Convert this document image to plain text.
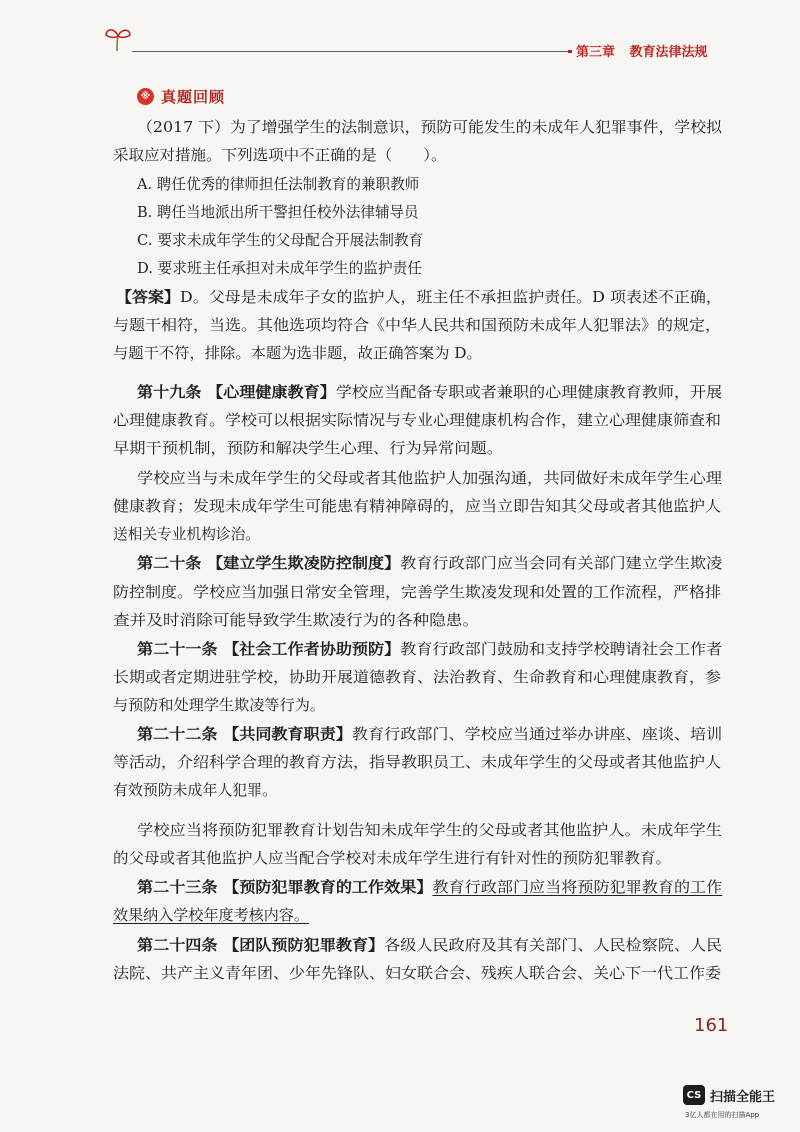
第三章 教育法律法规
※ 真题回顾
（2017 下）为了增强学生的法制意识，预防可能发生的未成年人犯罪事件，学校拟
采取应对措施。下列选项中不正确的是（　　）。
A. 聘任优秀的律师担任法制教育的兼职教师
B. 聘任当地派出所干警担任校外法律辅导员
C. 要求未成年学生的父母配合开展法制教育
D. 要求班主任承担对未成年学生的监护责任
【答案】D。父母是未成年子女的监护人，班主任不承担监护责任。D 项表述不正确，
与题干相符，当选。其他选项均符合《中华人民共和国预防未成年人犯罪法》的规定，
与题干不符，排除。本题为选非题，故正确答案为 D。
第十九条 【心理健康教育】学校应当配备专职或者兼职的心理健康教育教师，开展
心理健康教育。学校可以根据实际情况与专业心理健康机构合作，建立心理健康筛查和
早期干预机制，预防和解决学生心理、行为异常问题。
学校应当与未成年学生的父母或者其他监护人加强沟通，共同做好未成年学生心理
健康教育；发现未成年学生可能患有精神障碍的，应当立即告知其父母或者其他监护人
送相关专业机构诊治。
第二十条 【建立学生欺凌防控制度】教育行政部门应当会同有关部门建立学生欺凌
防控制度。学校应当加强日常安全管理，完善学生欺凌发现和处置的工作流程，严格排
查并及时消除可能导致学生欺凌行为的各种隐患。
第二十一条 【社会工作者协助预防】教育行政部门鼓励和支持学校聘请社会工作者
长期或者定期进驻学校，协助开展道德教育、法治教育、生命教育和心理健康教育，参
与预防和处理学生欺凌等行为。
第二十二条 【共同教育职责】教育行政部门、学校应当通过举办讲座、座谈、培训
等活动，介绍科学合理的教育方法，指导教职员工、未成年学生的父母或者其他监护人
有效预防未成年人犯罪。
学校应当将预防犯罪教育计划告知未成年学生的父母或者其他监护人。未成年学生
的父母或者其他监护人应当配合学校对未成年学生进行有针对性的预防犯罪教育。
第二十三条 【预防犯罪教育的工作效果】教育行政部门应当将预防犯罪教育的工作
效果纳入学校年度考核内容。
第二十四条 【团队预防犯罪教育】各级人民政府及其有关部门、人民检察院、人民
法院、共产主义青年团、少年先锋队、妇女联合会、残疾人联合会、关心下一代工作委
161
CS 扫描全能王
3亿人都在用的扫描App
